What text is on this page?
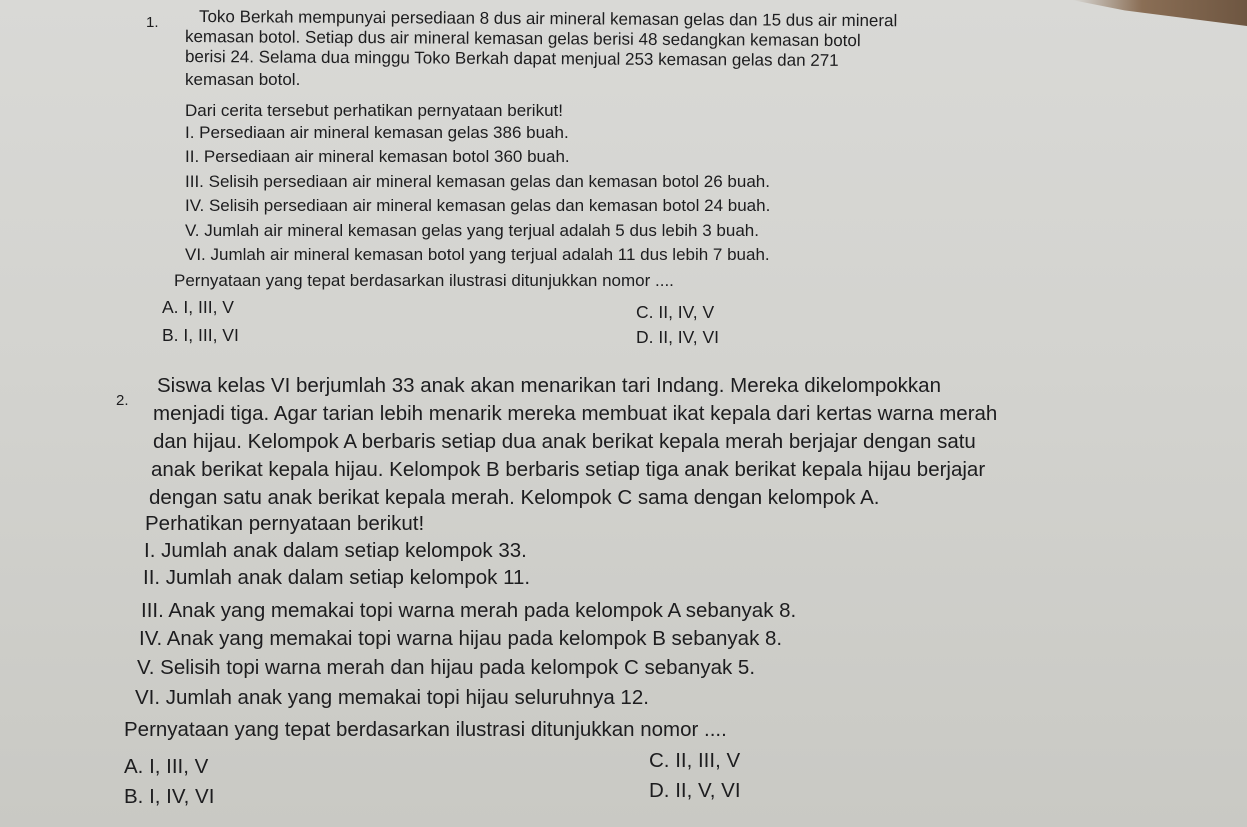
1. Toko Berkah mempunyai persediaan 8 dus air mineral kemasan gelas dan 15 dus air mineral
kemasan botol. Setiap dus air mineral kemasan gelas berisi 48 sedangkan kemasan botol
berisi 24. Selama dua minggu Toko Berkah dapat menjual 253 kemasan gelas dan 271
kemasan botol.
Dari cerita tersebut perhatikan pernyataan berikut!
I. Persediaan air mineral kemasan gelas 386 buah.
II. Persediaan air mineral kemasan botol 360 buah.
III. Selisih persediaan air mineral kemasan gelas dan kemasan botol 26 buah.
IV. Selisih persediaan air mineral kemasan gelas dan kemasan botol 24 buah.
V. Jumlah air mineral kemasan gelas yang terjual adalah 5 dus lebih 3 buah.
VI. Jumlah air mineral kemasan botol yang terjual adalah 11 dus lebih 7 buah.
Pernyataan yang tepat berdasarkan ilustrasi ditunjukkan nomor ....
A. I, III, V
B. I, III, VI
C. II, IV, V
D. II, IV, VI
2.
Siswa kelas VI berjumlah 33 anak akan menarikan tari Indang. Mereka dikelompokkan
menjadi tiga. Agar tarian lebih menarik mereka membuat ikat kepala dari kertas warna merah
dan hijau. Kelompok A berbaris setiap dua anak berikat kepala merah berjajar dengan satu
anak berikat kepala hijau. Kelompok B berbaris setiap tiga anak berikat kepala hijau berjajar
dengan satu anak berikat kepala merah. Kelompok C sama dengan kelompok A.
Perhatikan pernyataan berikut!
I. Jumlah anak dalam setiap kelompok 33.
II. Jumlah anak dalam setiap kelompok 11.
III. Anak yang memakai topi warna merah pada kelompok A sebanyak 8.
IV. Anak yang memakai topi warna hijau pada kelompok B sebanyak 8.
V. Selisih topi warna merah dan hijau pada kelompok C sebanyak 5.
VI. Jumlah anak yang memakai topi hijau seluruhnya 12.
Pernyataan yang tepat berdasarkan ilustrasi ditunjukkan nomor ....
A. I, III, V
B. I, IV, VI
C. II, III, V
D. II, V, VI
